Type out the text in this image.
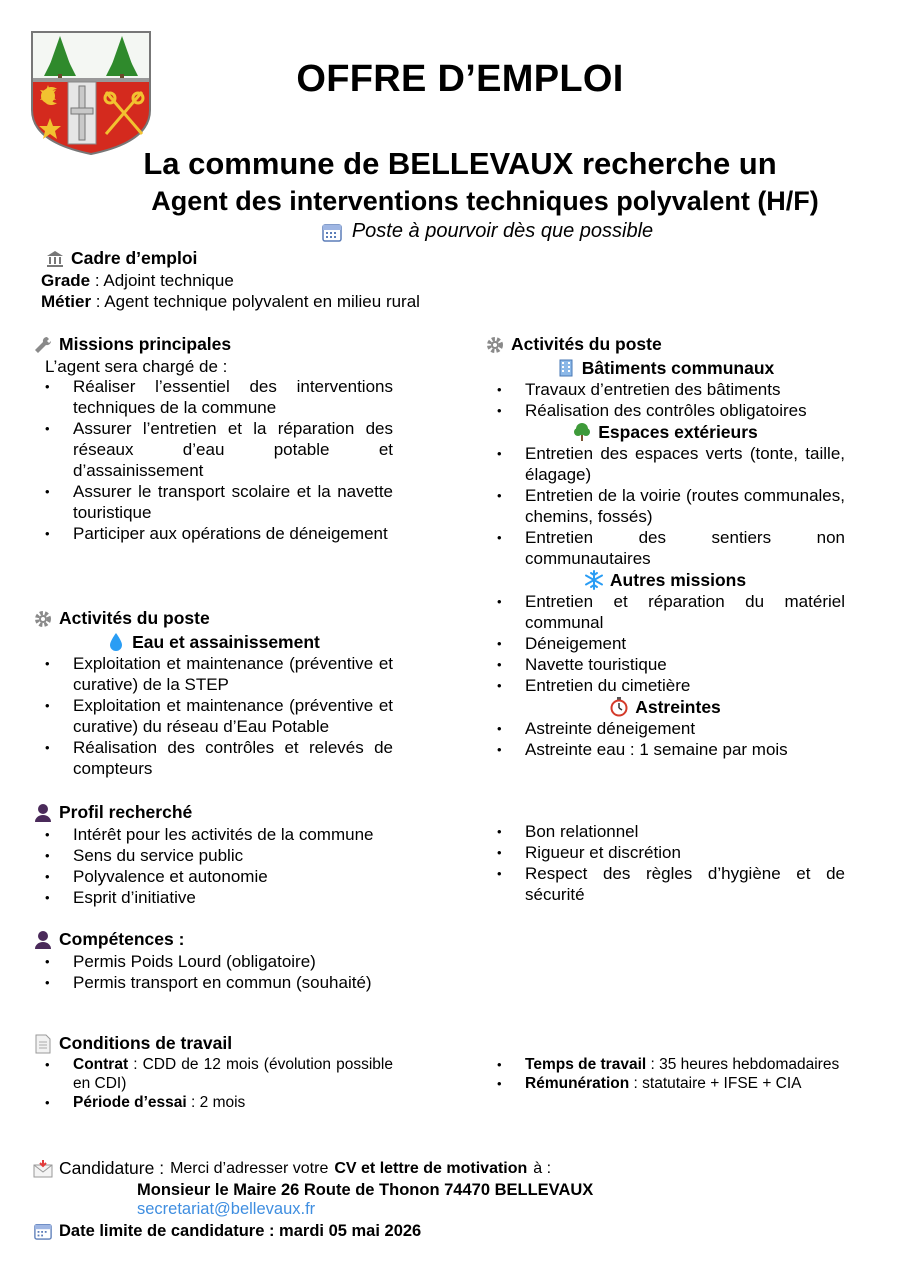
OFFRE D’EMPLOI
La commune de BELLEVAUX recherche un
Agent des interventions techniques polyvalent (H/F)
Poste à pourvoir dès que possible
Cadre d’emploi
Grade : Adjoint technique
Métier : Agent technique polyvalent en milieu rural
Missions principales
L’agent sera chargé de :
• Réaliser l’essentiel des interventions techniques de la commune
• Assurer l’entretien et la réparation des réseaux d’eau potable et d’assainissement
• Assurer le transport scolaire et la navette touristique
• Participer aux opérations de déneigement
Activités du poste
Eau et assainissement
• Exploitation et maintenance (préventive et curative) de la STEP
• Exploitation et maintenance (préventive et curative) du réseau d’Eau Potable
• Réalisation des contrôles et relevés de compteurs
Activités du poste
Bâtiments communaux
• Travaux d’entretien des bâtiments
• Réalisation des contrôles obligatoires
Espaces extérieurs
• Entretien des espaces verts (tonte, taille, élagage)
• Entretien de la voirie (routes communales, chemins, fossés)
• Entretien des sentiers non communautaires
Autres missions
• Entretien et réparation du matériel communal
• Déneigement
• Navette touristique
• Entretien du cimetière
Astreintes
• Astreinte déneigement
• Astreinte eau : 1 semaine par mois
Profil recherché
• Intérêt pour les activités de la commune
• Sens du service public
• Polyvalence et autonomie
• Esprit d’initiative
• Bon relationnel
• Rigueur et discrétion
• Respect des règles d’hygiène et de sécurité
Compétences :
• Permis Poids Lourd (obligatoire)
• Permis transport en commun (souhaité)
Conditions de travail
• Contrat : CDD de 12 mois (évolution possible en CDI)
• Période d’essai : 2 mois
• Temps de travail : 35 heures hebdomadaires
• Rémunération : statutaire + IFSE + CIA
Candidature : Merci d’adresser votre CV et lettre de motivation à :
Monsieur le Maire 26 Route de Thonon 74470 BELLEVAUX
secretariat@bellevaux.fr
Date limite de candidature : mardi 05 mai 2026
